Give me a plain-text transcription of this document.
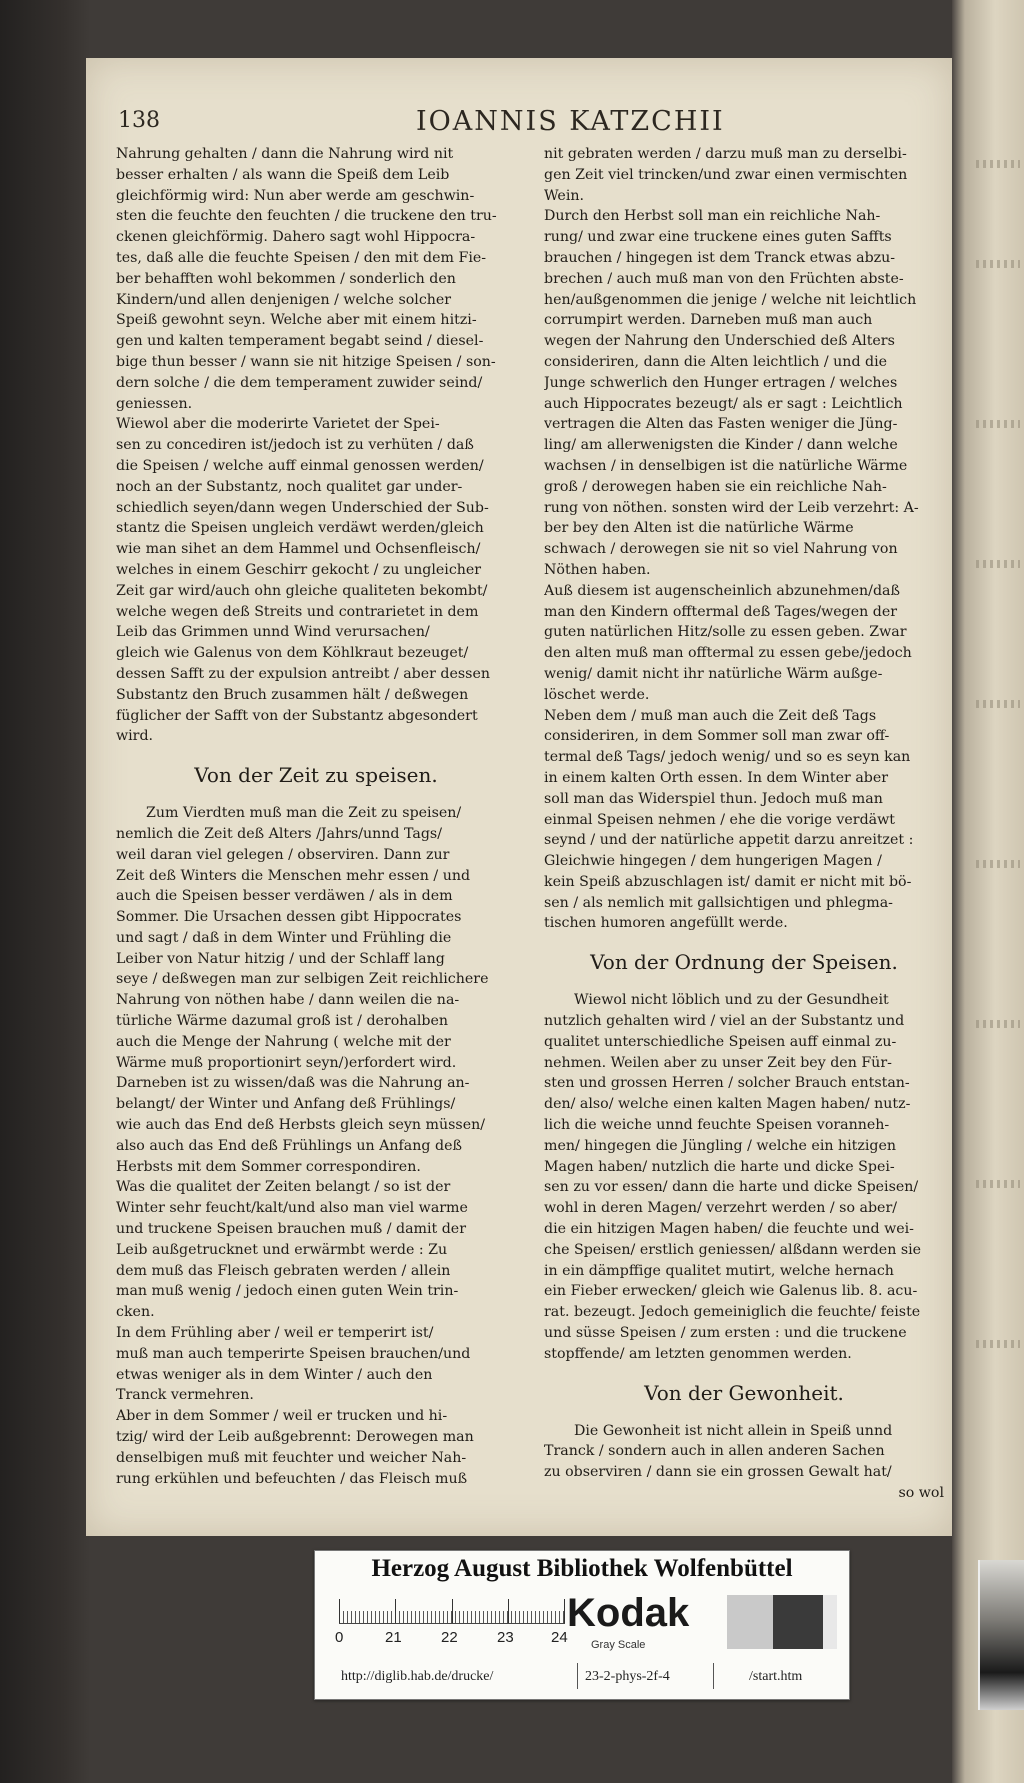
138	IOANNIS KATZCHII
Nahrung gehalten / dann die Nahrung wird nit
besser erhalten / als wann die Speiß dem Leib
gleichförmig wird: Nun aber werde am geschwin-
sten die feuchte den feuchten / die truckene den tru-
ckenen gleichförmig. Dahero sagt wohl Hippocra-
tes, daß alle die feuchte Speisen / den mit dem Fie-
ber behafften wohl bekommen / sonderlich den
Kindern/und allen denjenigen / welche solcher
Speiß gewohnt seyn. Welche aber mit einem hitzi-
gen und kalten temperament begabt seind / diesel-
bige thun besser / wann sie nit hitzige Speisen / son-
dern solche / die dem temperament zuwider seind/
geniessen.
Wiewol aber die moderirte Varietet der Spei-
sen zu concediren ist/jedoch ist zu verhüten / daß
die Speisen / welche auff einmal genossen werden/
noch an der Substantz, noch qualitet gar under-
schiedlich seyen/dann wegen Underschied der Sub-
stantz die Speisen ungleich verdäwt werden/gleich
wie man sihet an dem Hammel und Ochsenfleisch/
welches in einem Geschirr gekocht / zu ungleicher
Zeit gar wird/auch ohn gleiche qualiteten bekombt/
welche wegen deß Streits und contrarietet in dem
Leib das Grimmen unnd Wind verursachen/
gleich wie Galenus von dem Köhlkraut bezeuget/
dessen Safft zu der expulsion antreibt / aber dessen
Substantz den Bruch zusammen hält / deßwegen
füglicher der Safft von der Substantz abgesondert
wird.
Von der Zeit zu speisen.
Zum Vierdten muß man die Zeit zu speisen/
nemlich die Zeit deß Alters /Jahrs/unnd Tags/
weil daran viel gelegen / observiren. Dann zur
Zeit deß Winters die Menschen mehr essen / und
auch die Speisen besser verdäwen / als in dem
Sommer. Die Ursachen dessen gibt Hippocrates
und sagt / daß in dem Winter und Frühling die
Leiber von Natur hitzig / und der Schlaff lang
seye / deßwegen man zur selbigen Zeit reichlichere
Nahrung von nöthen habe / dann weilen die na-
türliche Wärme dazumal groß ist / derohalben
auch die Menge der Nahrung ( welche mit der
Wärme muß proportionirt seyn/)erfordert wird.
Darneben ist zu wissen/daß was die Nahrung an-
belangt/ der Winter und Anfang deß Frühlings/
wie auch das End deß Herbsts gleich seyn müssen/
also auch das End deß Frühlings un Anfang deß
Herbsts mit dem Sommer correspondiren.
Was die qualitet der Zeiten belangt / so ist der
Winter sehr feucht/kalt/und also man viel warme
und truckene Speisen brauchen muß / damit der
Leib außgetrucknet und erwärmbt werde : Zu
dem muß das Fleisch gebraten werden / allein
man muß wenig / jedoch einen guten Wein trin-
cken.
In dem Frühling aber / weil er temperirt ist/
muß man auch temperirte Speisen brauchen/und
etwas weniger als in dem Winter / auch den
Tranck vermehren.
Aber in dem Sommer / weil er trucken und hi-
tzig/ wird der Leib außgebrennt: Derowegen man
denselbigen muß mit feuchter und weicher Nah-
rung erkühlen und befeuchten / das Fleisch muß
nit gebraten werden / darzu muß man zu derselbi-
gen Zeit viel trincken/und zwar einen vermischten
Wein.
Durch den Herbst soll man ein reichliche Nah-
rung/ und zwar eine truckene eines guten Saffts
brauchen / hingegen ist dem Tranck etwas abzu-
brechen / auch muß man von den Früchten abste-
hen/außgenommen die jenige / welche nit leichtlich
corrumpirt werden. Darneben muß man auch
wegen der Nahrung den Underschied deß Alters
consideriren, dann die Alten leichtlich / und die
Junge schwerlich den Hunger ertragen / welches
auch Hippocrates bezeugt/ als er sagt : Leichtlich
vertragen die Alten das Fasten weniger die Jüng-
ling/ am allerwenigsten die Kinder / dann welche
wachsen / in denselbigen ist die natürliche Wärme
groß / derowegen haben sie ein reichliche Nah-
rung von nöthen. sonsten wird der Leib verzehrt: A-
ber bey den Alten ist die natürliche Wärme
schwach / derowegen sie nit so viel Nahrung von
Nöthen haben.
Auß diesem ist augenscheinlich abzunehmen/daß
man den Kindern offtermal deß Tages/wegen der
guten natürlichen Hitz/solle zu essen geben. Zwar
den alten muß man offtermal zu essen gebe/jedoch
wenig/ damit nicht ihr natürliche Wärm außge-
löschet werde.
Neben dem / muß man auch die Zeit deß Tags
consideriren, in dem Sommer soll man zwar off-
termal deß Tags/ jedoch wenig/ und so es seyn kan
in einem kalten Orth essen. In dem Winter aber
soll man das Widerspiel thun. Jedoch muß man
einmal Speisen nehmen / ehe die vorige verdäwt
seynd / und der natürliche appetit darzu anreitzet :
Gleichwie hingegen / dem hungerigen Magen /
kein Speiß abzuschlagen ist/ damit er nicht mit bö-
sen / als nemlich mit gallsichtigen und phlegma-
tischen humoren angefüllt werde.
Von der Ordnung der Speisen.
Wiewol nicht löblich und zu der Gesundheit
nutzlich gehalten wird / viel an der Substantz und
qualitet unterschiedliche Speisen auff einmal zu-
nehmen. Weilen aber zu unser Zeit bey den Für-
sten und grossen Herren / solcher Brauch entstan-
den/ also/ welche einen kalten Magen haben/ nutz-
lich die weiche unnd feuchte Speisen voranneh-
men/ hingegen die Jüngling / welche ein hitzigen
Magen haben/ nutzlich die harte und dicke Spei-
sen zu vor essen/ dann die harte und dicke Speisen/
wohl in deren Magen/ verzehrt werden / so aber/
die ein hitzigen Magen haben/ die feuchte und wei-
che Speisen/ erstlich geniessen/ alßdann werden sie
in ein dämpffige qualitet mutirt, welche hernach
ein Fieber erwecken/ gleich wie Galenus lib. 8. acu-
rat. bezeugt. Jedoch gemeiniglich die feuchte/ feiste
und süsse Speisen / zum ersten : und die truckene
stopffende/ am letzten genommen werden.
Von der Gewonheit.
Die Gewonheit ist nicht allein in Speiß unnd
Tranck / sondern auch in allen anderen Sachen
zu observiren / dann sie ein grossen Gewalt hat/
so wol
Herzog August Bibliothek Wolfenbüttel
0	21	22	23 24
Kodak
Gray Scale
http://diglib.hab.de/drucke/	23-2-phys-2f-4	/start.htm
